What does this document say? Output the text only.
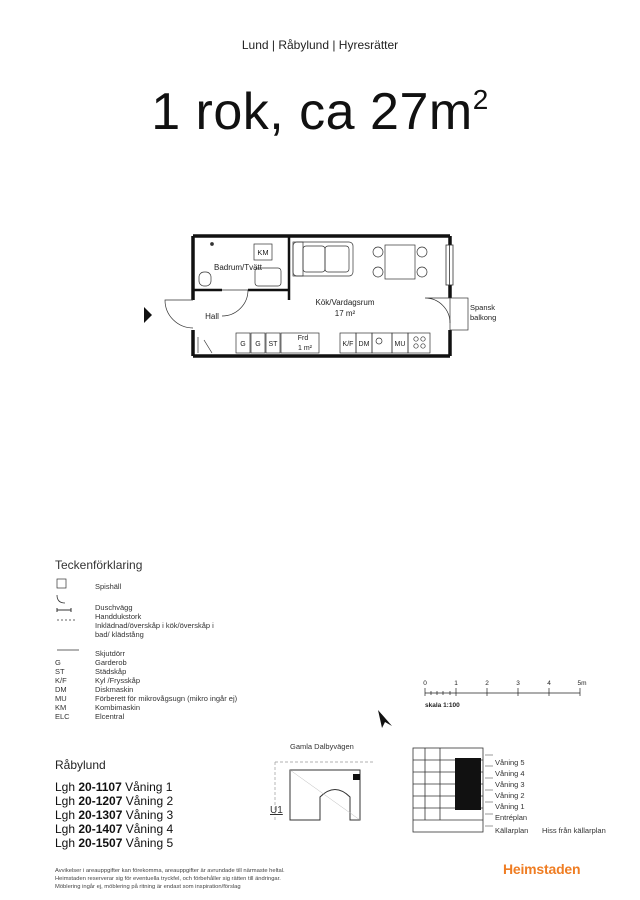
Lund | Råbylund | Hyresrätter
1 rok, ca $27m^2$
Badrum/Tvätt
KM
Hall
Kök/Vardagsrum
17 m²
Frd
1 m²
Spansk
balkong
G G ST	K/F DM	MU
Teckenförklaring
Spishäll
Duschvägg
Handdukstork
Inklädnad/överskåp i kök/överskåp i bad/ klädstång
Skjutdörr
G	Garderob
ST	Städskåp
K/F	Kyl /Frysskåp
DM	Diskmaskin
MU	Förberett för mikrovågsugn (mikro ingår ej)
KM	Kombimaskin
ELC	Elcentral
0	1	2	3	4	5m
skala 1:100
Råbylund
Lgh 20-1107 Våning 1
Lgh 20-1207 Våning 2
Lgh 20-1307 Våning 3
Lgh 20-1407 Våning 4
Lgh 20-1507 Våning 5
Gamla Dalbyvägen
U1
Våning 5
Våning 4
Våning 3
Våning 2
Våning 1
Entréplan
Källarplan Hiss från källarplan
Avvikelser i areauppgifter kan förekomma, areauppgifter är avrundade till närmaste heltal.
Heimstaden reserverar sig för eventuella tryckfel, och förbehåller sig rätten till ändringar.
Möblering ingår ej, möblering på ritning är endast som inspiration/förslag
Heimstaden
